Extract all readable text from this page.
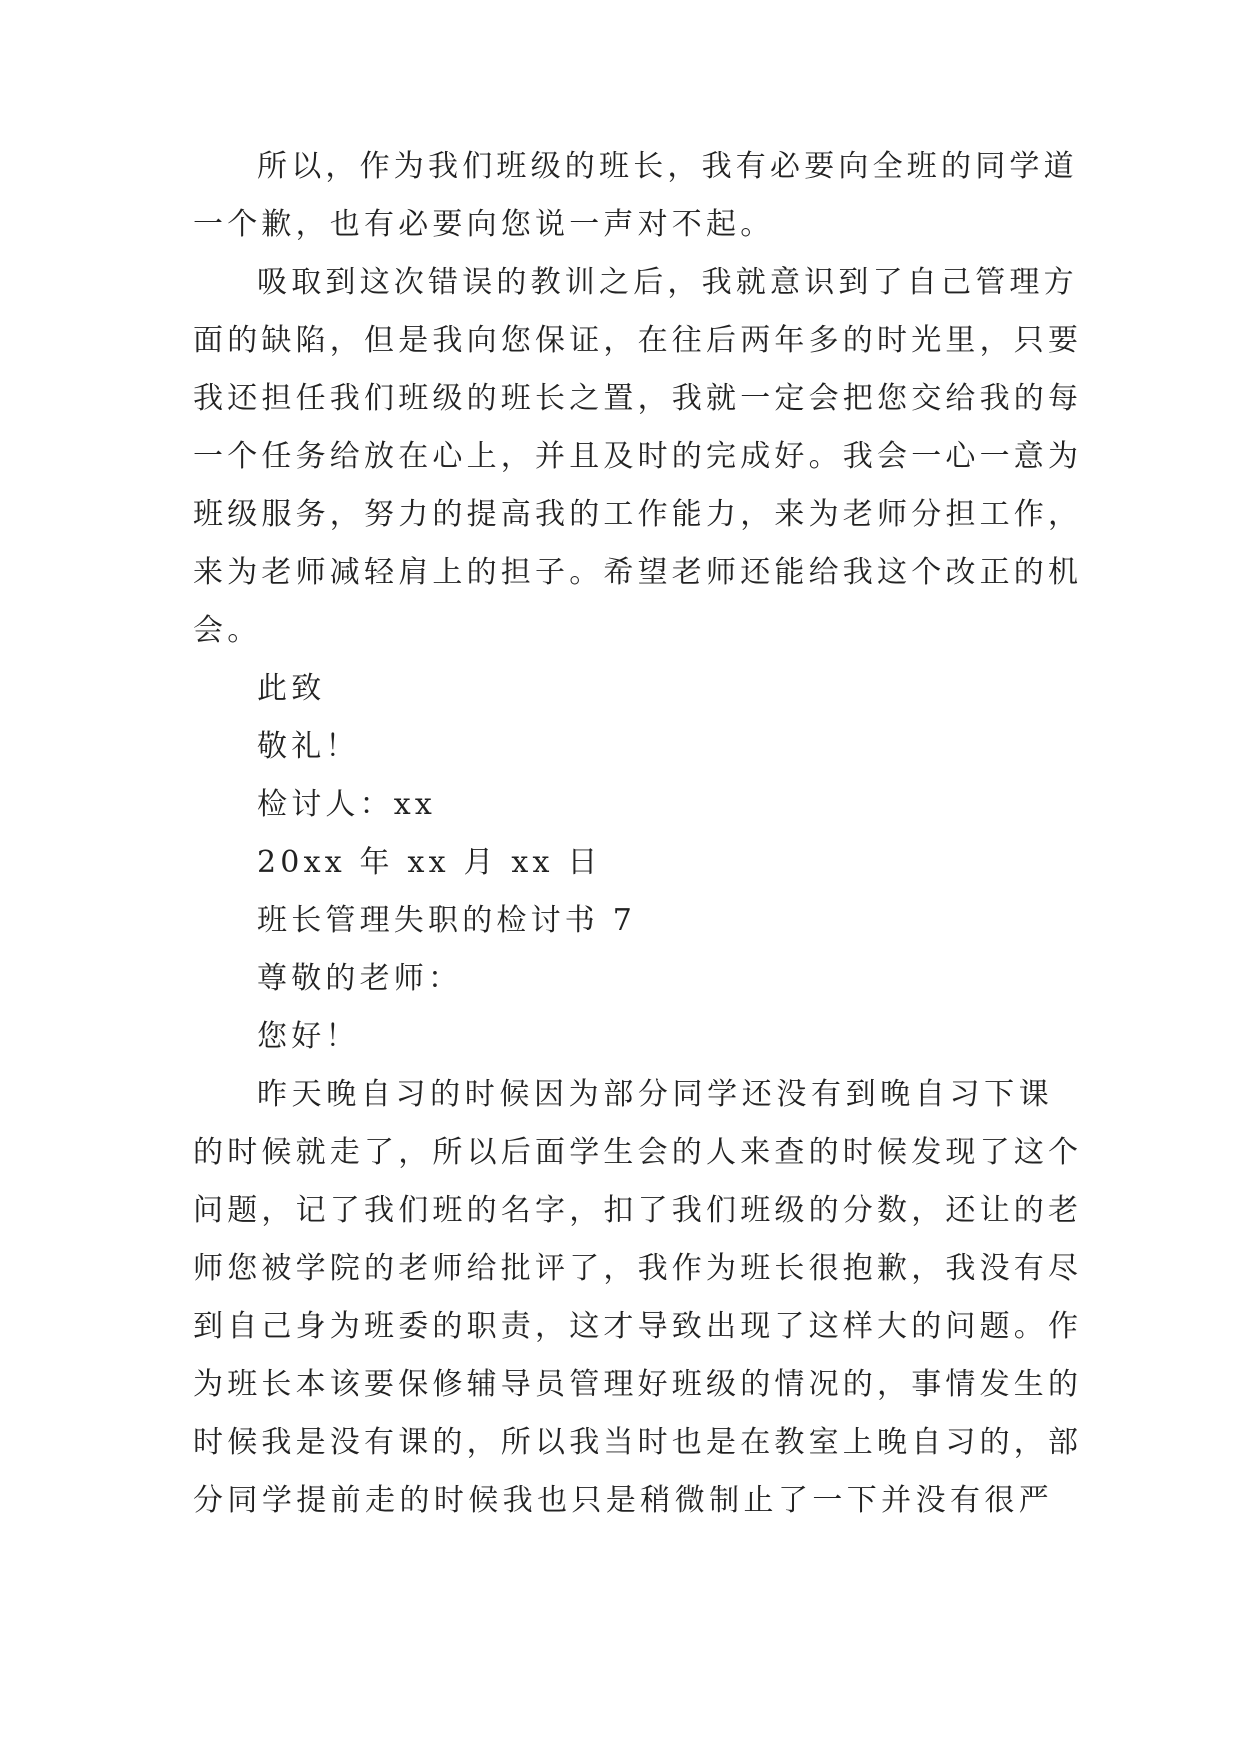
所以，作为我们班级的班长，我有必要向全班的同学道
一个歉，也有必要向您说一声对不起。
吸取到这次错误的教训之后，我就意识到了自己管理方
面的缺陷，但是我向您保证，在往后两年多的时光里，只要
我还担任我们班级的班长之置，我就一定会把您交给我的每
一个任务给放在心上，并且及时的完成好。我会一心一意为
班级服务，努力的提高我的工作能力，来为老师分担工作，
来为老师减轻肩上的担子。希望老师还能给我这个改正的机
会。
此致
敬礼！
检讨人：xx
20xx 年 xx 月 xx 日
班长管理失职的检讨书 7
尊敬的老师：
您好！
昨天晚自习的时候因为部分同学还没有到晚自习下课
的时候就走了，所以后面学生会的人来查的时候发现了这个
问题，记了我们班的名字，扣了我们班级的分数，还让的老
师您被学院的老师给批评了，我作为班长很抱歉，我没有尽
到自己身为班委的职责，这才导致出现了这样大的问题。作
为班长本该要保修辅导员管理好班级的情况的，事情发生的
时候我是没有课的，所以我当时也是在教室上晚自习的，部
分同学提前走的时候我也只是稍微制止了一下并没有很严
